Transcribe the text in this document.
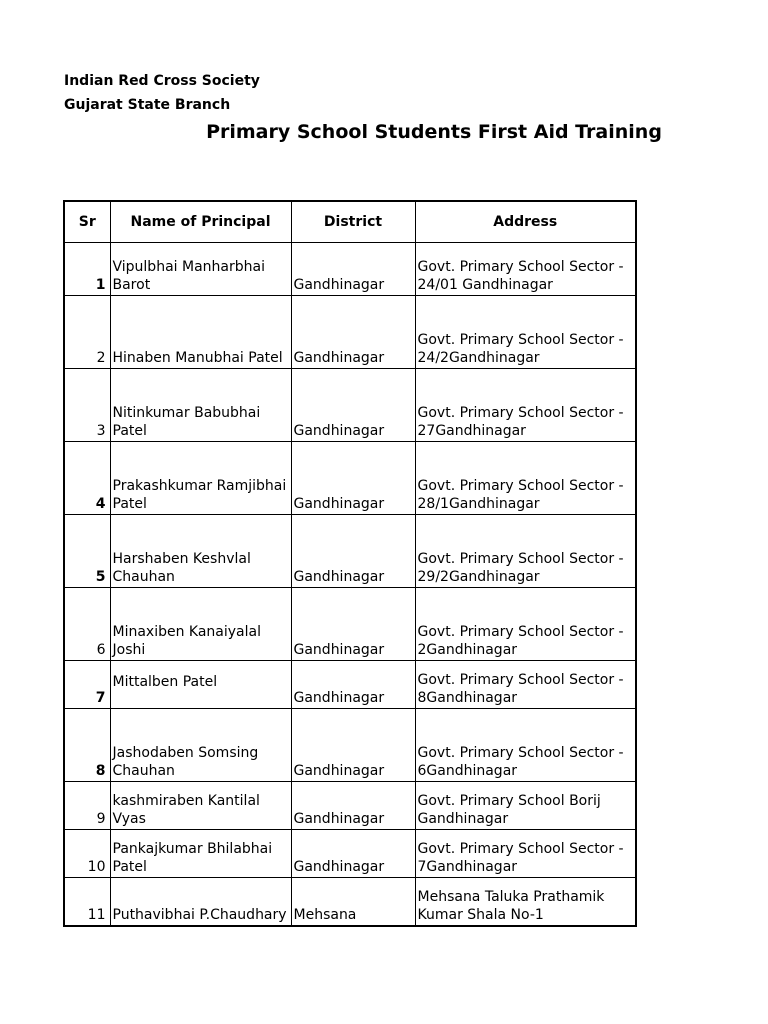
Indian Red Cross Society
Gujarat State Branch
Primary School Students First Aid Training
Sr	Name of Principal	District	Address
1	Vipulbhai Manharbhai Barot	Gandhinagar	Govt. Primary School Sector - 24/01 Gandhinagar
2	Hinaben Manubhai Patel	Gandhinagar	Govt. Primary School Sector - 24/2Gandhinagar
3	Nitinkumar Babubhai Patel	Gandhinagar	Govt. Primary School Sector - 27Gandhinagar
4	Prakashkumar Ramjibhai Patel	Gandhinagar	Govt. Primary School Sector - 28/1Gandhinagar
5	Harshaben Keshvlal Chauhan	Gandhinagar	Govt. Primary School Sector - 29/2Gandhinagar
6	Minaxiben Kanaiyalal Joshi	Gandhinagar	Govt. Primary School Sector - 2Gandhinagar
7	Mittalben Patel	Gandhinagar	Govt. Primary School Sector - 8Gandhinagar
8	Jashodaben Somsing Chauhan	Gandhinagar	Govt. Primary School Sector - 6Gandhinagar
9	kashmiraben Kantilal Vyas	Gandhinagar	Govt. Primary School Borij Gandhinagar
10	Pankajkumar Bhilabhai Patel	Gandhinagar	Govt. Primary School Sector - 7Gandhinagar
11	Puthavibhai P.Chaudhary	Mehsana	Mehsana Taluka Prathamik Kumar Shala No-1
